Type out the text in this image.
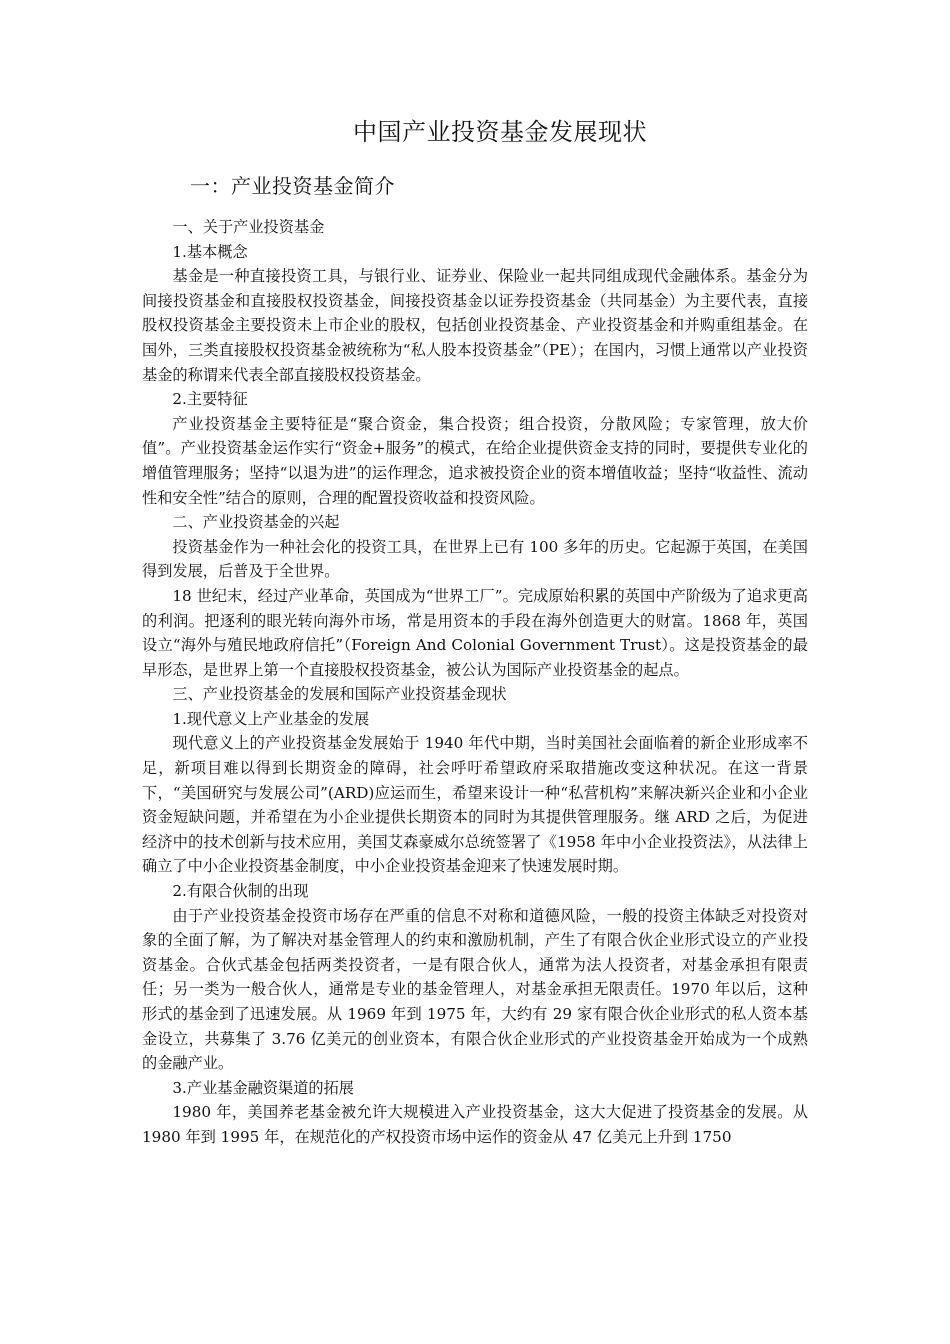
中国产业投资基金发展现状
一：产业投资基金简介

一、关于产业投资基金

1.基本概念

基金是一种直接投资工具，与银行业、证券业、保险业一起共同组成现代金融体系。基金分为间接投资基金和直接股权投资基金，间接投资基金以证券投资基金（共同基金）为主要代表，直接股权投资基金主要投资未上市企业的股权，包括创业投资基金、产业投资基金和并购重组基金。在国外，三类直接股权投资基金被统称为“私人股本投资基金”（PE）；在国内，习惯上通常以产业投资基金的称谓来代表全部直接股权投资基金。

2.主要特征

产业投资基金主要特征是“聚合资金，集合投资；组合投资，分散风险；专家管理，放大价值”。产业投资基金运作实行“资金+服务”的模式，在给企业提供资金支持的同时，要提供专业化的增值管理服务；坚持“以退为进”的运作理念，追求被投资企业的资本增值收益；坚持“收益性、流动性和安全性”结合的原则，合理的配置投资收益和投资风险。

二、产业投资基金的兴起

投资基金作为一种社会化的投资工具，在世界上已有 100 多年的历史。它起源于英国，在美国得到发展，后普及于全世界。

18 世纪末，经过产业革命，英国成为“世界工厂”。完成原始积累的英国中产阶级为了追求更高的利润。把逐利的眼光转向海外市场，常是用资本的手段在海外创造更大的财富。1868 年，英国设立“海外与殖民地政府信托”（Foreign And Colonial Government Trust）。这是投资基金的最早形态，是世界上第一个直接股权投资基金，被公认为国际产业投资基金的起点。

三、产业投资基金的发展和国际产业投资基金现状

1.现代意义上产业基金的发展

现代意义上的产业投资基金发展始于 1940 年代中期，当时美国社会面临着的新企业形成率不足，新项目难以得到长期资金的障碍，社会呼吁希望政府采取措施改变这种状况。在这一背景下，“美国研究与发展公司”(ARD)应运而生，希望来设计一种“私营机构”来解决新兴企业和小企业资金短缺问题，并希望在为小企业提供长期资本的同时为其提供管理服务。继 ARD 之后，为促进经济中的技术创新与技术应用，美国艾森豪威尔总统签署了《1958 年中小企业投资法》，从法律上确立了中小企业投资基金制度，中小企业投资基金迎来了快速发展时期。

2.有限合伙制的出现

由于产业投资基金投资市场存在严重的信息不对称和道德风险，一般的投资主体缺乏对投资对象的全面了解，为了解决对基金管理人的约束和激励机制，产生了有限合伙企业形式设立的产业投资基金。合伙式基金包括两类投资者，一是有限合伙人，通常为法人投资者，对基金承担有限责任；另一类为一般合伙人，通常是专业的基金管理人，对基金承担无限责任。1970 年以后，这种形式的基金到了迅速发展。从 1969 年到 1975 年，大约有 29 家有限合伙企业形式的私人资本基金设立，共募集了 3.76 亿美元的创业资本，有限合伙企业形式的产业投资基金开始成为一个成熟的金融产业。

3.产业基金融资渠道的拓展

1980 年，美国养老基金被允许大规模进入产业投资基金，这大大促进了投资基金的发展。从 1980 年到 1995 年，在规范化的产权投资市场中运作的资金从 47 亿美元上升到 1750
